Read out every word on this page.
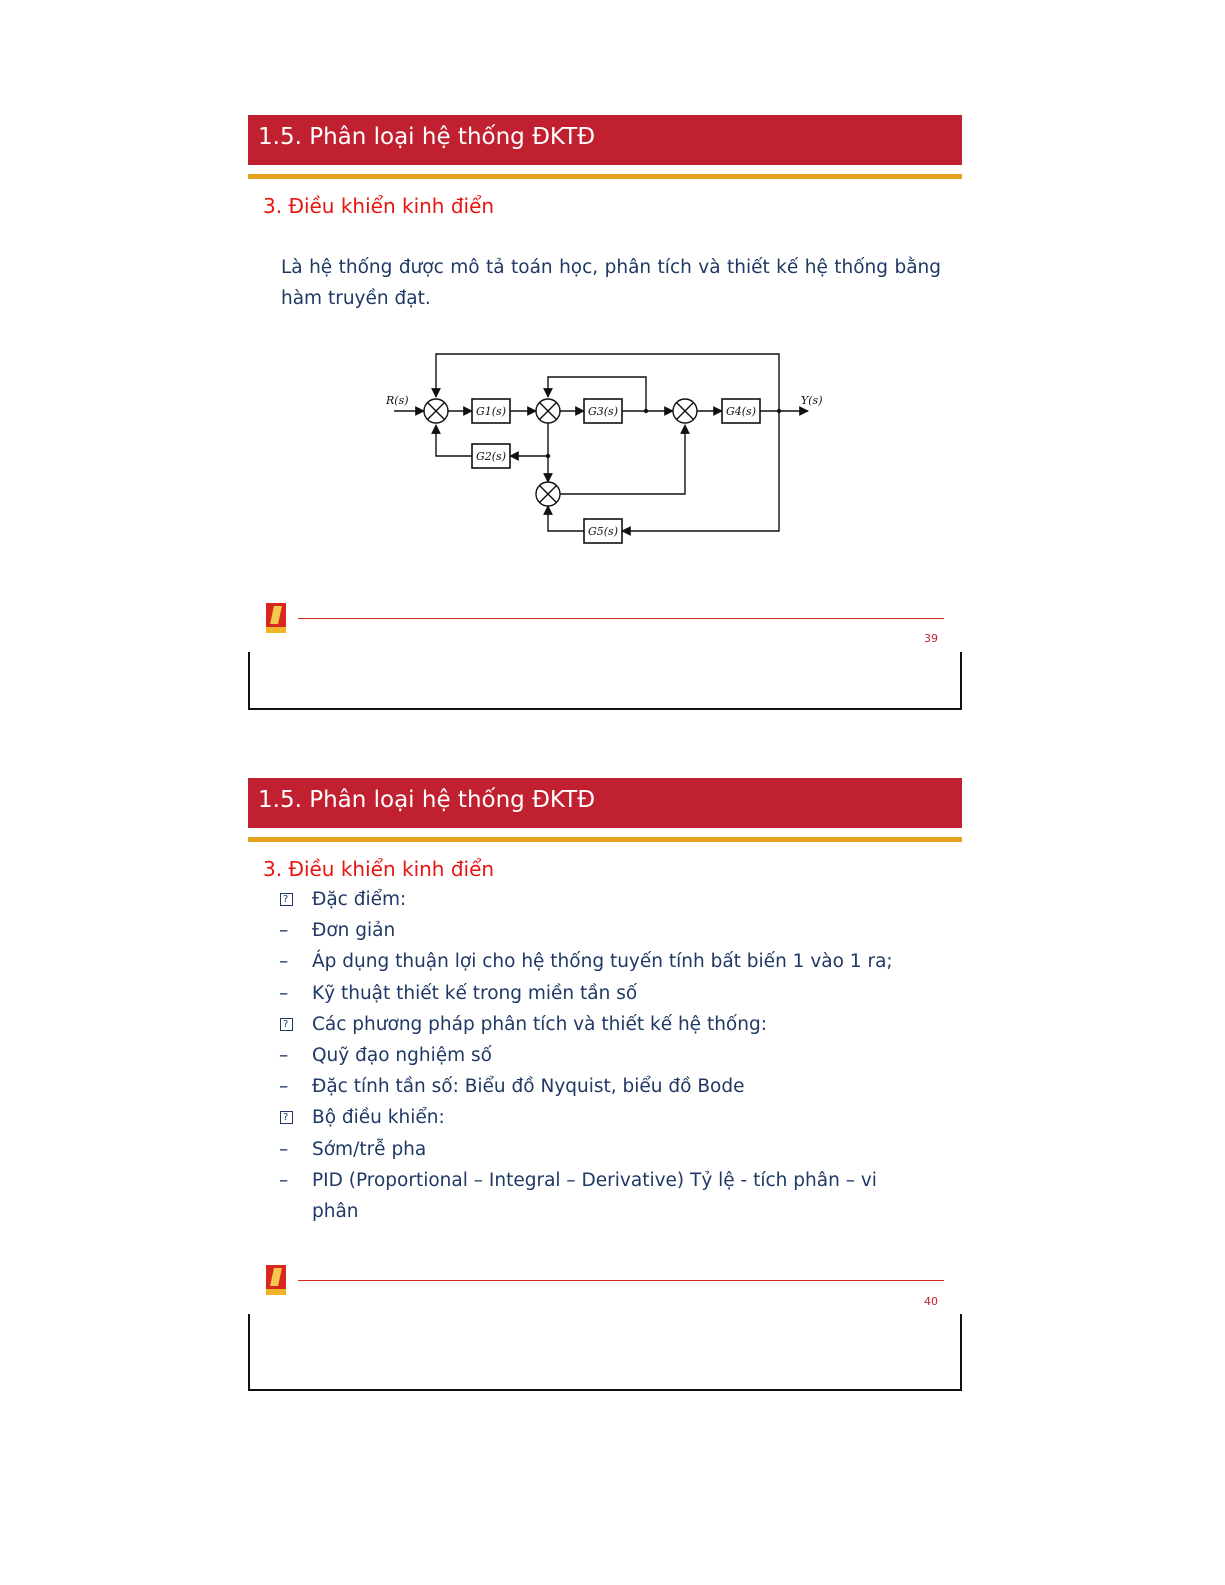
1.5. Phân loại hệ thống ĐKTĐ
3. Điều khiển kinh điển
Là hệ thống được mô tả toán học, phân tích và thiết kế hệ thống bằng hàm truyền đạt.
G1(s)
G2(s)
G3(s)	G4(s)
G5(s)
R(s)	Y(s)
39
1.5. Phân loại hệ thống ĐKTĐ
3. Điều khiển kinh điển
?	Đặc điểm:
–	Đơn giản
–	Áp dụng thuận lợi cho hệ thống tuyến tính bất biến 1 vào 1 ra;
–	Kỹ thuật thiết kế trong miền tần số
?	Các phương pháp phân tích và thiết kế hệ thống:
–	Quỹ đạo nghiệm số
–	Đặc tính tần số: Biểu đồ Nyquist, biểu đồ Bode
?	Bộ điều khiển:
–	Sớm/trễ pha
–	PID (Proportional – Integral – Derivative) Tỷ lệ - tích phân – vi phân
40
